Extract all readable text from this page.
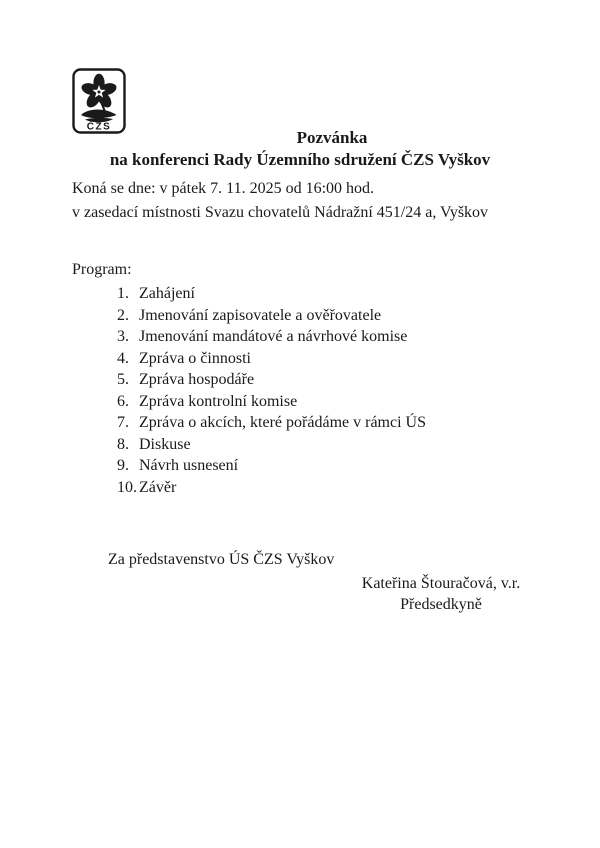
ČZS
Pozvánka
na konferenci Rady Územního sdružení ČZS Vyškov
Koná se dne: v pátek 7. 11. 2025 od 16:00 hod.
v zasedací místnosti Svazu chovatelů Nádražní 451/24 a, Vyškov
Program:
1. Zahájení
2. Jmenování zapisovatele a ověřovatele
3. Jmenování mandátové a návrhové komise
4. Zpráva o činnosti
5. Zpráva hospodáře
6. Zpráva kontrolní komise
7. Zpráva o akcích, které pořádáme v rámci ÚS
8. Diskuse
9. Návrh usnesení
10. Závěr
Za představenstvo ÚS ČZS Vyškov
Kateřina Štouračová, v.r.
Předsedkyně
